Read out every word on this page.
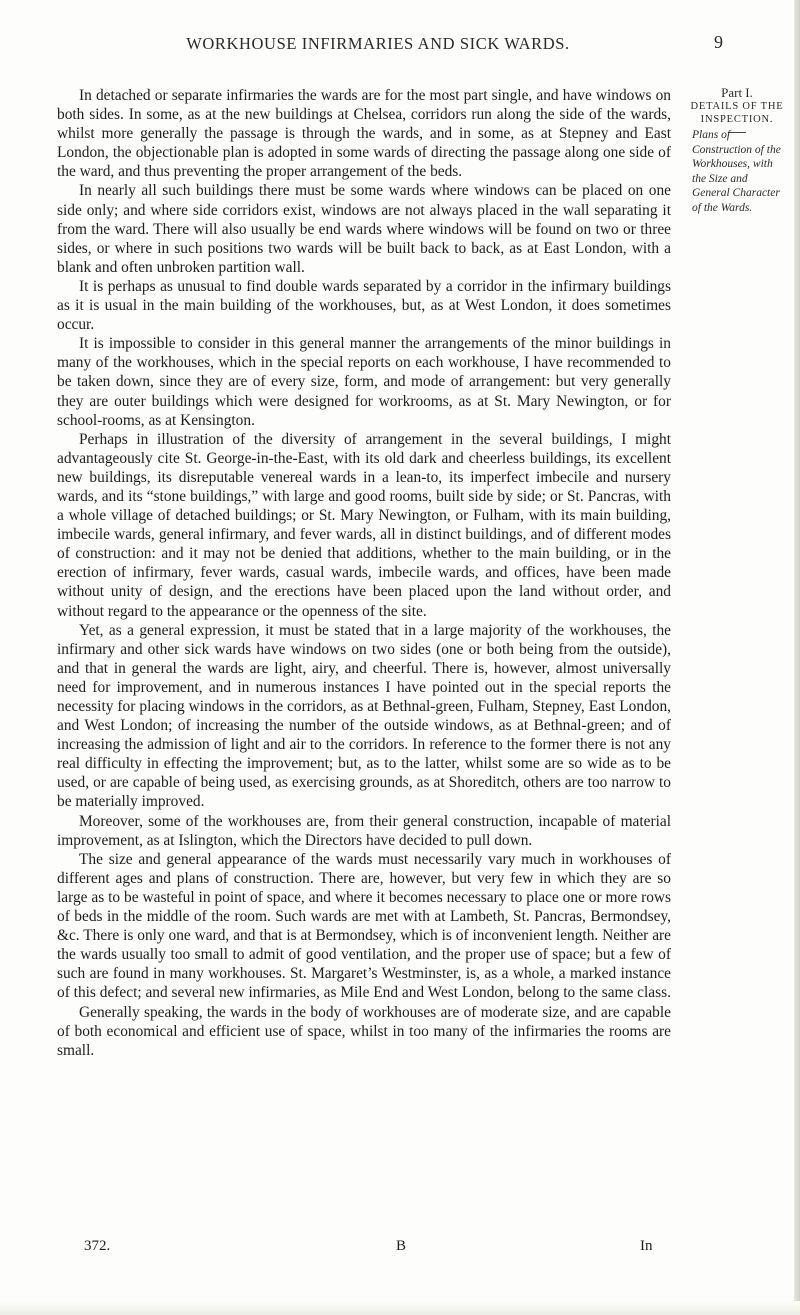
WORKHOUSE INFIRMARIES AND SICK WARDS.	9
Part I.
DETAILS OF THE
INSPECTION.
Plans of Construction of the Workhouses, with the Size and General Character of the Wards.

In detached or separate infirmaries the wards are for the most part single, and have windows on both sides. In some, as at the new buildings at Chelsea, corridors run along the side of the wards, whilst more generally the passage is through the wards, and in some, as at Stepney and East London, the objectionable plan is adopted in some wards of directing the passage along one side of the ward, and thus preventing the proper arrangement of the beds.

In nearly all such buildings there must be some wards where windows can be placed on one side only; and where side corridors exist, windows are not always placed in the wall separating it from the ward. There will also usually be end wards where windows will be found on two or three sides, or where in such positions two wards will be built back to back, as at East London, with a blank and often unbroken partition wall.

It is perhaps as unusual to find double wards separated by a corridor in the infirmary buildings as it is usual in the main building of the workhouses, but, as at West London, it does sometimes occur.

It is impossible to consider in this general manner the arrangements of the minor buildings in many of the workhouses, which in the special reports on each workhouse, I have recommended to be taken down, since they are of every size, form, and mode of arrangement: but very generally they are outer buildings which were designed for workrooms, as at St. Mary Newington, or for school-rooms, as at Kensington.

Perhaps in illustration of the diversity of arrangement in the several buildings, I might advantageously cite St. George-in-the-East, with its old dark and cheerless buildings, its excellent new buildings, its disreputable venereal wards in a lean-to, its imperfect imbecile and nursery wards, and its “stone buildings,” with large and good rooms, built side by side; or St. Pancras, with a whole village of detached buildings; or St. Mary Newington, or Fulham, with its main building, imbecile wards, general infirmary, and fever wards, all in distinct buildings, and of different modes of construction: and it may not be denied that additions, whether to the main building, or in the erection of infirmary, fever wards, casual wards, imbecile wards, and offices, have been made without unity of design, and the erections have been placed upon the land without order, and without regard to the appearance or the openness of the site.

Yet, as a general expression, it must be stated that in a large majority of the workhouses, the infirmary and other sick wards have windows on two sides (one or both being from the outside), and that in general the wards are light, airy, and cheerful. There is, however, almost universally need for improvement, and in numerous instances I have pointed out in the special reports the necessity for placing windows in the corridors, as at Bethnal-green, Fulham, Stepney, East London, and West London; of increasing the number of the outside windows, as at Bethnal-green; and of increasing the admission of light and air to the corridors. In reference to the former there is not any real difficulty in effecting the improvement; but, as to the latter, whilst some are so wide as to be used, or are capable of being used, as exercising grounds, as at Shoreditch, others are too narrow to be materially improved.

Moreover, some of the workhouses are, from their general construction, incapable of material improvement, as at Islington, which the Directors have decided to pull down.

The size and general appearance of the wards must necessarily vary much in workhouses of different ages and plans of construction. There are, however, but very few in which they are so large as to be wasteful in point of space, and where it becomes necessary to place one or more rows of beds in the middle of the room. Such wards are met with at Lambeth, St. Pancras, Bermondsey, &c. There is only one ward, and that is at Bermondsey, which is of inconvenient length. Neither are the wards usually too small to admit of good ventilation, and the proper use of space; but a few of such are found in many workhouses. St. Margaret’s Westminster, is, as a whole, a marked instance of this defect; and several new infirmaries, as Mile End and West London, belong to the same class.

Generally speaking, the wards in the body of workhouses are of moderate size, and are capable of both economical and efficient use of space, whilst in too many of the infirmaries the rooms are small.

372.	B	In
